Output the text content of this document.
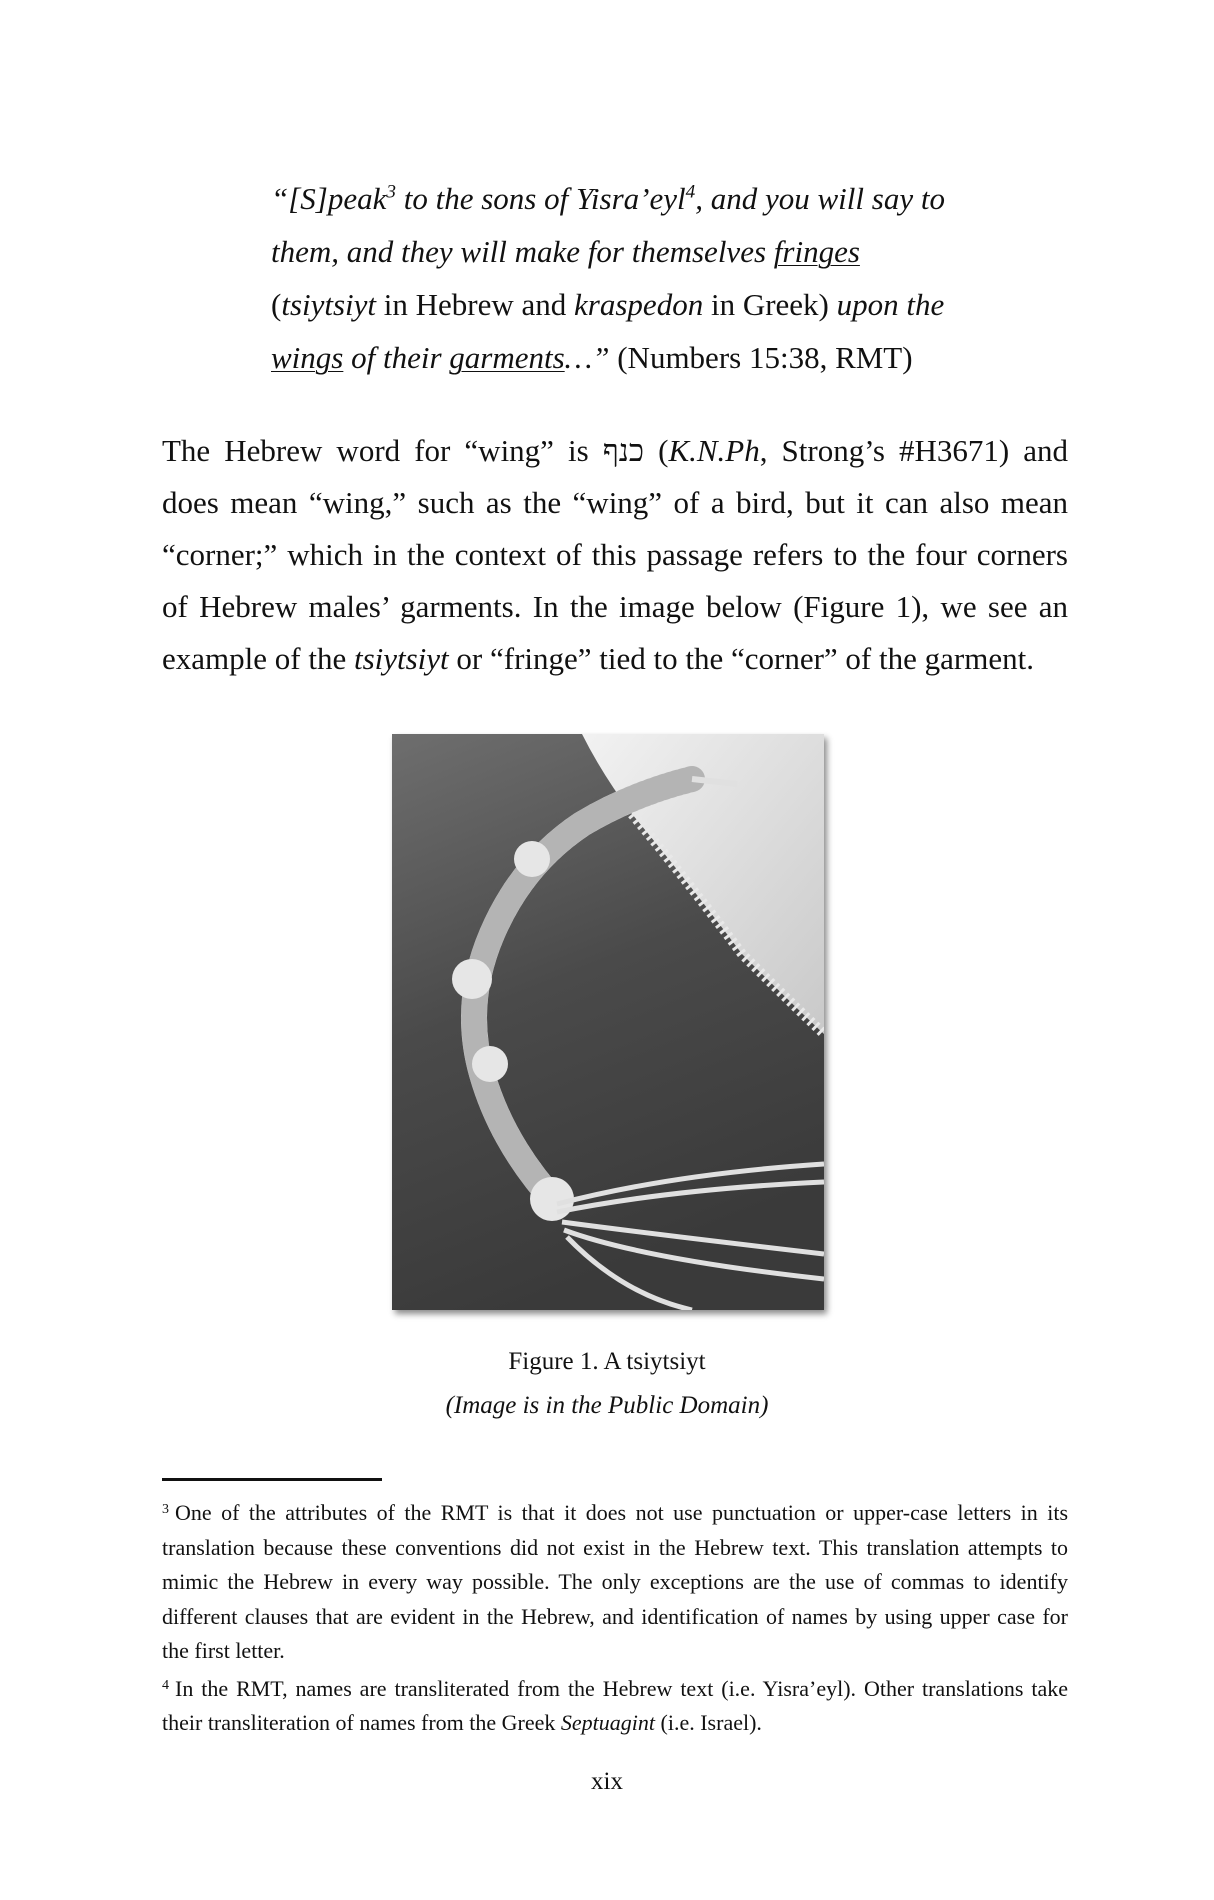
“[S]peak$^3$ to the sons of Yisra’eyl$^4$, and you will say to them, and they will make for themselves fringes (tsiytsiyt in Hebrew and kraspedon in Greek) upon the wings of their garments…” (Numbers 15:38, RMT)

The Hebrew word for “wing” is כנף (K.N.Ph, Strong’s #H3671) and does mean “wing,” such as the “wing” of a bird, but it can also mean “corner;” which in the context of this passage refers to the four corners of Hebrew males’ garments. In the image below (Figure 1), we see an example of the tsiytsiyt or “fringe” tied to the “corner” of the garment.

Figure 1. A tsiytsiyt

(Image is in the Public Domain)

$^3$ One of the attributes of the RMT is that it does not use punctuation or upper-case letters in its translation because these conventions did not exist in the Hebrew text. This translation attempts to mimic the Hebrew in every way possible. The only exceptions are the use of commas to identify different clauses that are evident in the Hebrew, and identification of names by using upper case for the first letter.

$^4$ In the RMT, names are transliterated from the Hebrew text (i.e. Yisra’eyl). Other translations take their transliteration of names from the Greek Septuagint (i.e. Israel).

xix
